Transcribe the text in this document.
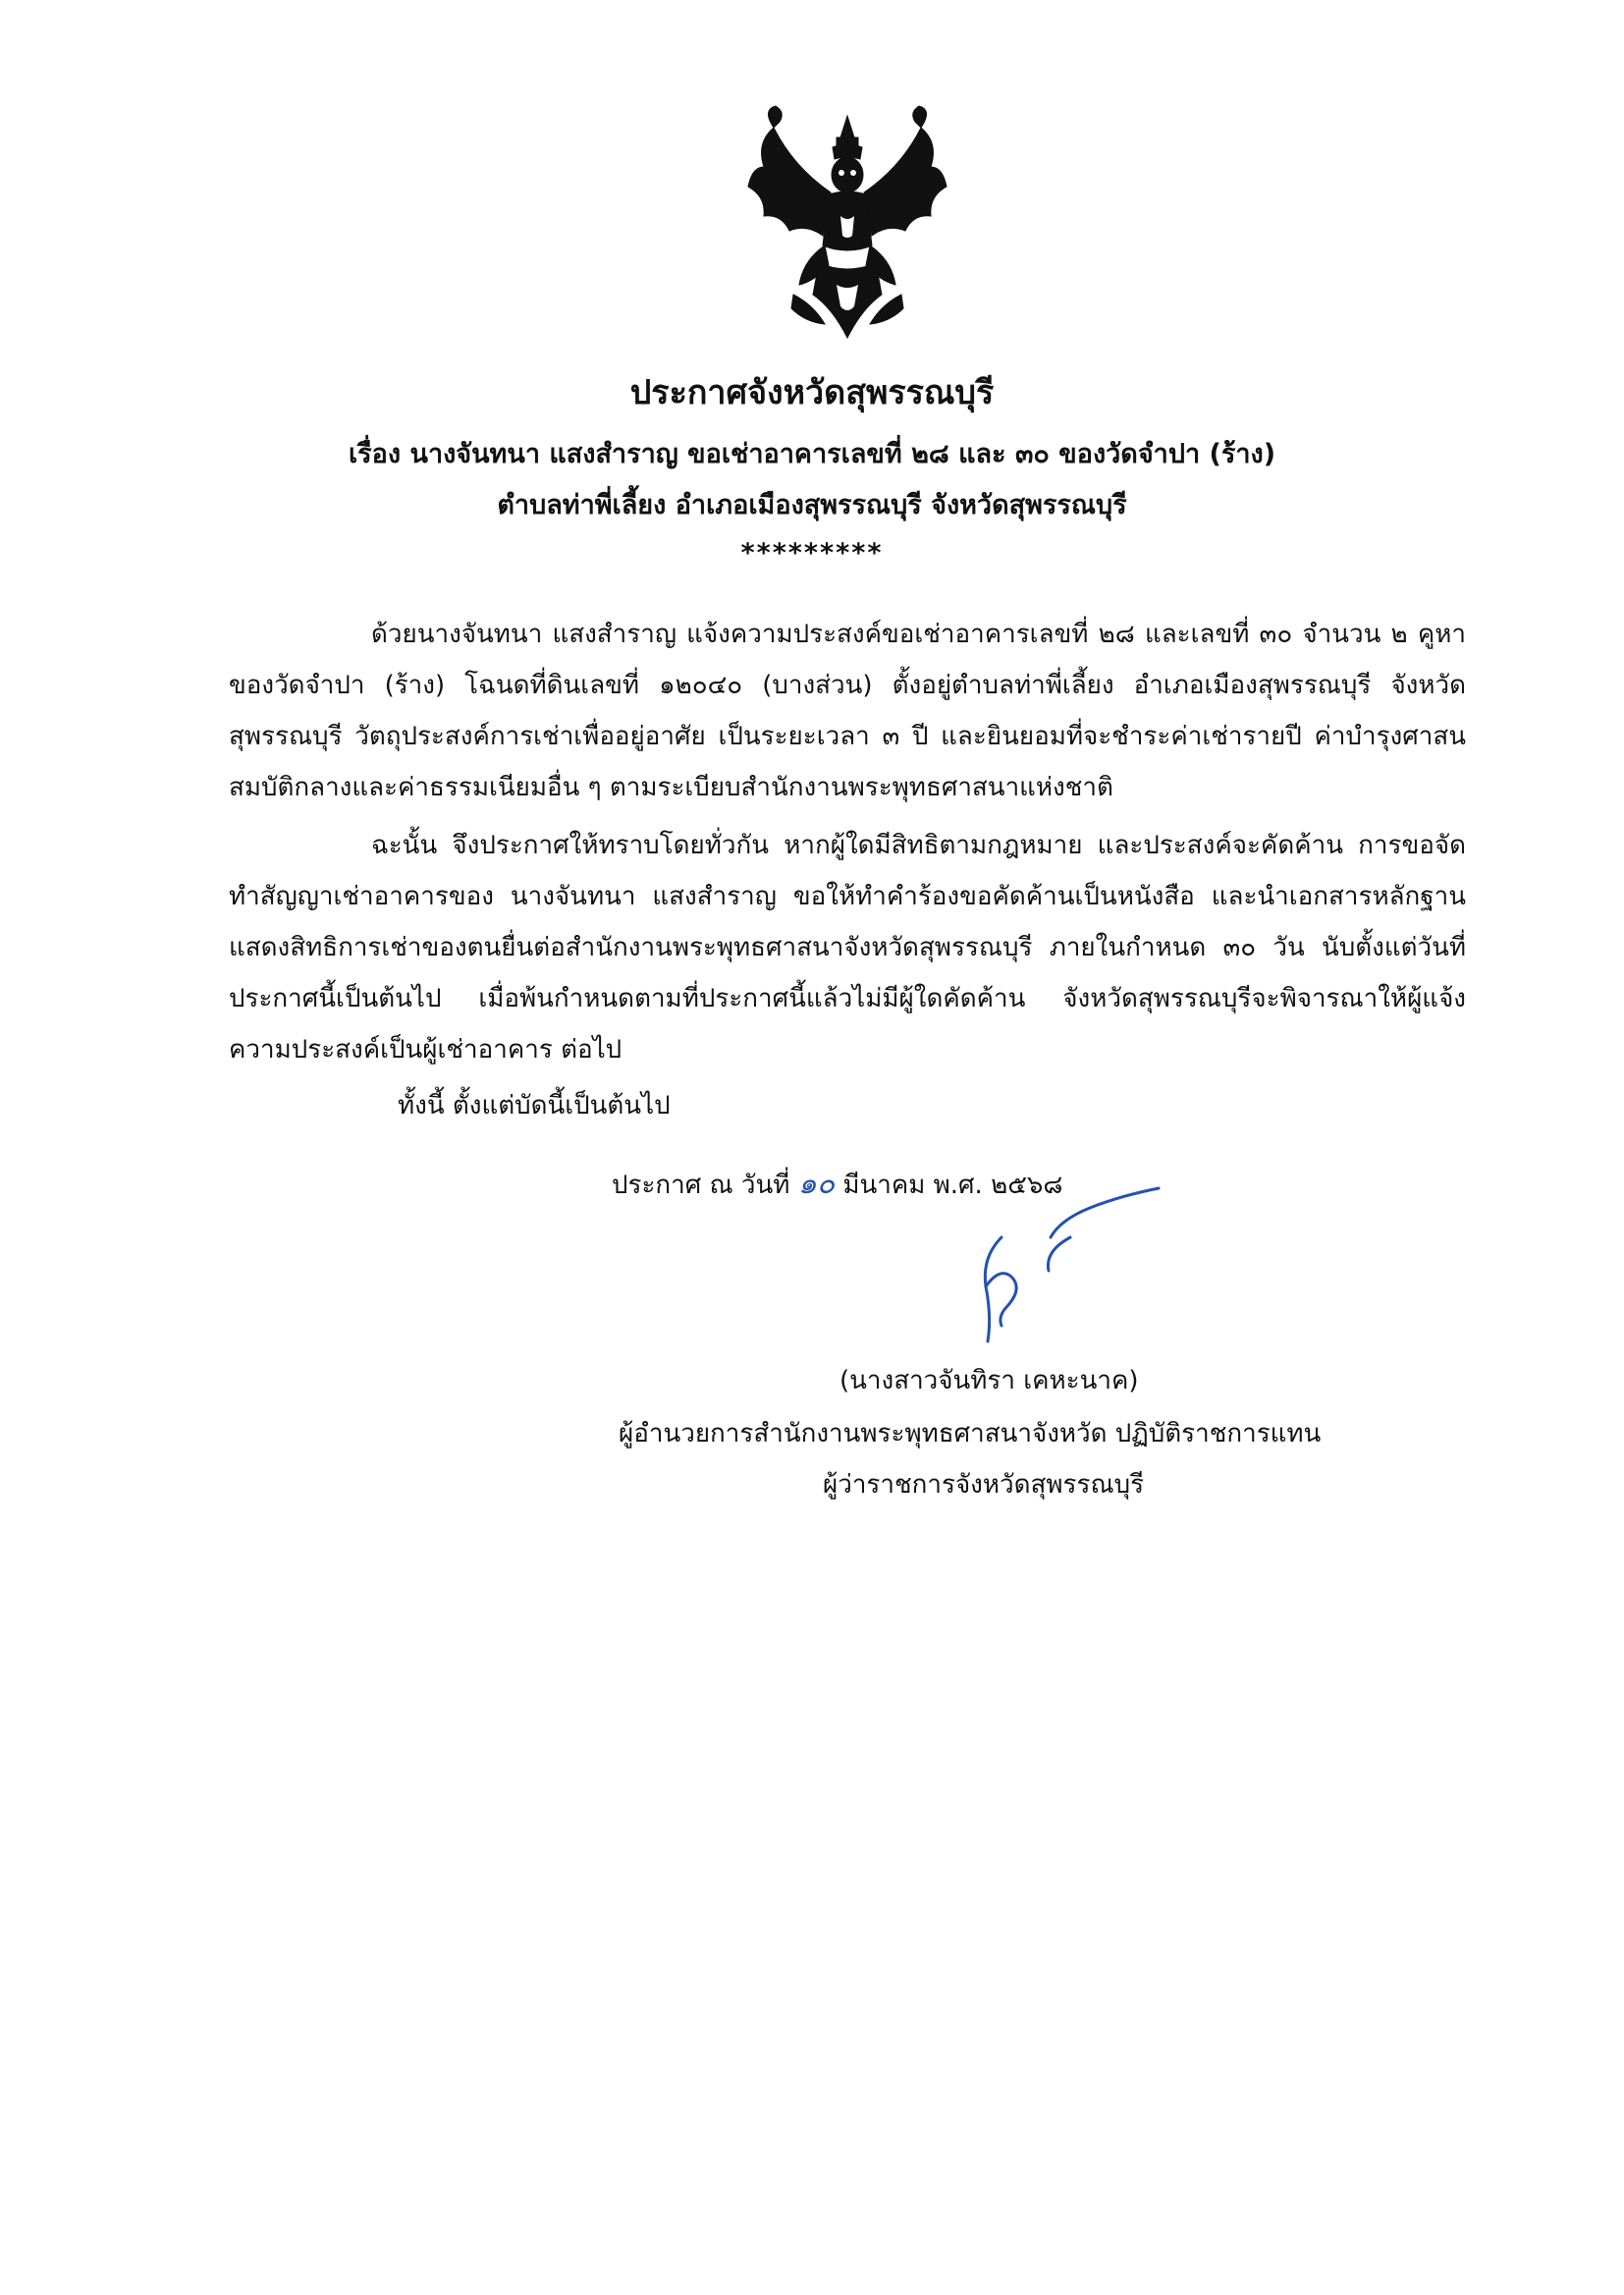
ประกาศจังหวัดสุพรรณบุรี
เรื่อง นางจันทนา แสงสำราญ ขอเช่าอาคารเลขที่ ๒๘ และ ๓๐ ของวัดจำปา (ร้าง)
ตำบลท่าพี่เลี้ยง อำเภอเมืองสุพรรณบุรี จังหวัดสุพรรณบุรี
*********
ด้วยนางจันทนา แสงสำราญ แจ้งความประสงค์ขอเช่าอาคารเลขที่ ๒๘ และเลขที่ ๓๐ จำนวน ๒ คูหา ของวัดจำปา (ร้าง) โฉนดที่ดินเลขที่ ๑๒๐๔๐ (บางส่วน) ตั้งอยู่ตำบลท่าพี่เลี้ยง อำเภอเมืองสุพรรณบุรี จังหวัดสุพรรณบุรี วัตถุประสงค์การเช่าเพื่ออยู่อาศัย เป็นระยะเวลา ๓ ปี และยินยอมที่จะชำระค่าเช่ารายปี ค่าบำรุงศาสนสมบัติกลางและค่าธรรมเนียมอื่น ๆ ตามระเบียบสำนักงานพระพุทธศาสนาแห่งชาติ
ฉะนั้น จึงประกาศให้ทราบโดยทั่วกัน หากผู้ใดมีสิทธิตามกฎหมาย และประสงค์จะคัดค้าน การขอจัดทำสัญญาเช่าอาคารของ นางจันทนา แสงสำราญ ขอให้ทำคำร้องขอคัดค้านเป็นหนังสือ และนำเอกสารหลักฐานแสดงสิทธิการเช่าของตนยื่นต่อสำนักงานพระพุทธศาสนาจังหวัดสุพรรณบุรี ภายในกำหนด ๓๐ วัน นับตั้งแต่วันที่ประกาศนี้เป็นต้นไป เมื่อพ้นกำหนดตามที่ประกาศนี้แล้วไม่มีผู้ใดคัดค้าน จังหวัดสุพรรณบุรีจะพิจารณาให้ผู้แจ้งความประสงค์เป็นผู้เช่าอาคาร ต่อไป
ทั้งนี้ ตั้งแต่บัดนี้เป็นต้นไป
ประกาศ ณ วันที่ ๑๐ มีนาคม พ.ศ. ๒๕๖๘
(นางสาวจันทิรา เคหะนาค)
ผู้อำนวยการสำนักงานพระพุทธศาสนาจังหวัด ปฏิบัติราชการแทน
ผู้ว่าราชการจังหวัดสุพรรณบุรี
